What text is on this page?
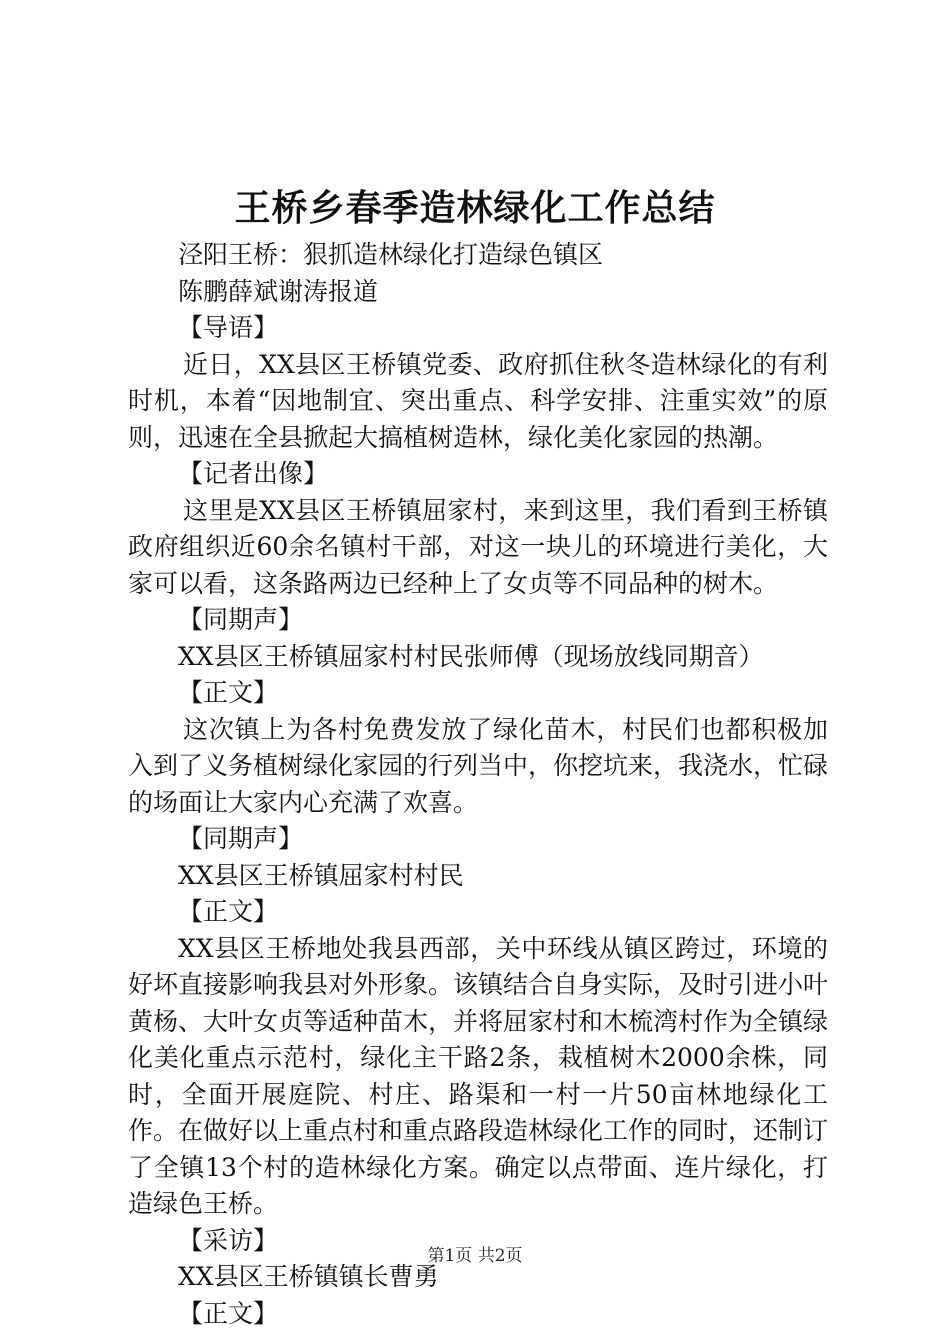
王桥乡春季造林绿化工作总结

泾阳王桥：狠抓造林绿化打造绿色镇区

陈鹏薛斌谢涛报道

【导语】

近日，XX县区王桥镇党委、政府抓住秋冬造林绿化的有利时机，本着“因地制宜、突出重点、科学安排、注重实效”的原则，迅速在全县掀起大搞植树造林，绿化美化家园的热潮。

【记者出像】

这里是XX县区王桥镇屈家村，来到这里，我们看到王桥镇政府组织近60余名镇村干部，对这一块儿的环境进行美化，大家可以看，这条路两边已经种上了女贞等不同品种的树木。

【同期声】

XX县区王桥镇屈家村村民张师傅（现场放线同期音）

【正文】

这次镇上为各村免费发放了绿化苗木，村民们也都积极加入到了义务植树绿化家园的行列当中，你挖坑来，我浇水，忙碌的场面让大家内心充满了欢喜。

【同期声】

XX县区王桥镇屈家村村民

【正文】

XX县区王桥地处我县西部，关中环线从镇区跨过，环境的好坏直接影响我县对外形象。该镇结合自身实际，及时引进小叶黄杨、大叶女贞等适种苗木，并将屈家村和木梳湾村作为全镇绿化美化重点示范村，绿化主干路2条，栽植树木2000余株，同时，全面开展庭院、村庄、路渠和一村一片50亩林地绿化工作。在做好以上重点村和重点路段造林绿化工作的同时，还制订了全镇13个村的造林绿化方案。确定以点带面、连片绿化，打造绿色王桥。

【采访】

XX县区王桥镇镇长曹勇

【正文】

第1页 共2页
